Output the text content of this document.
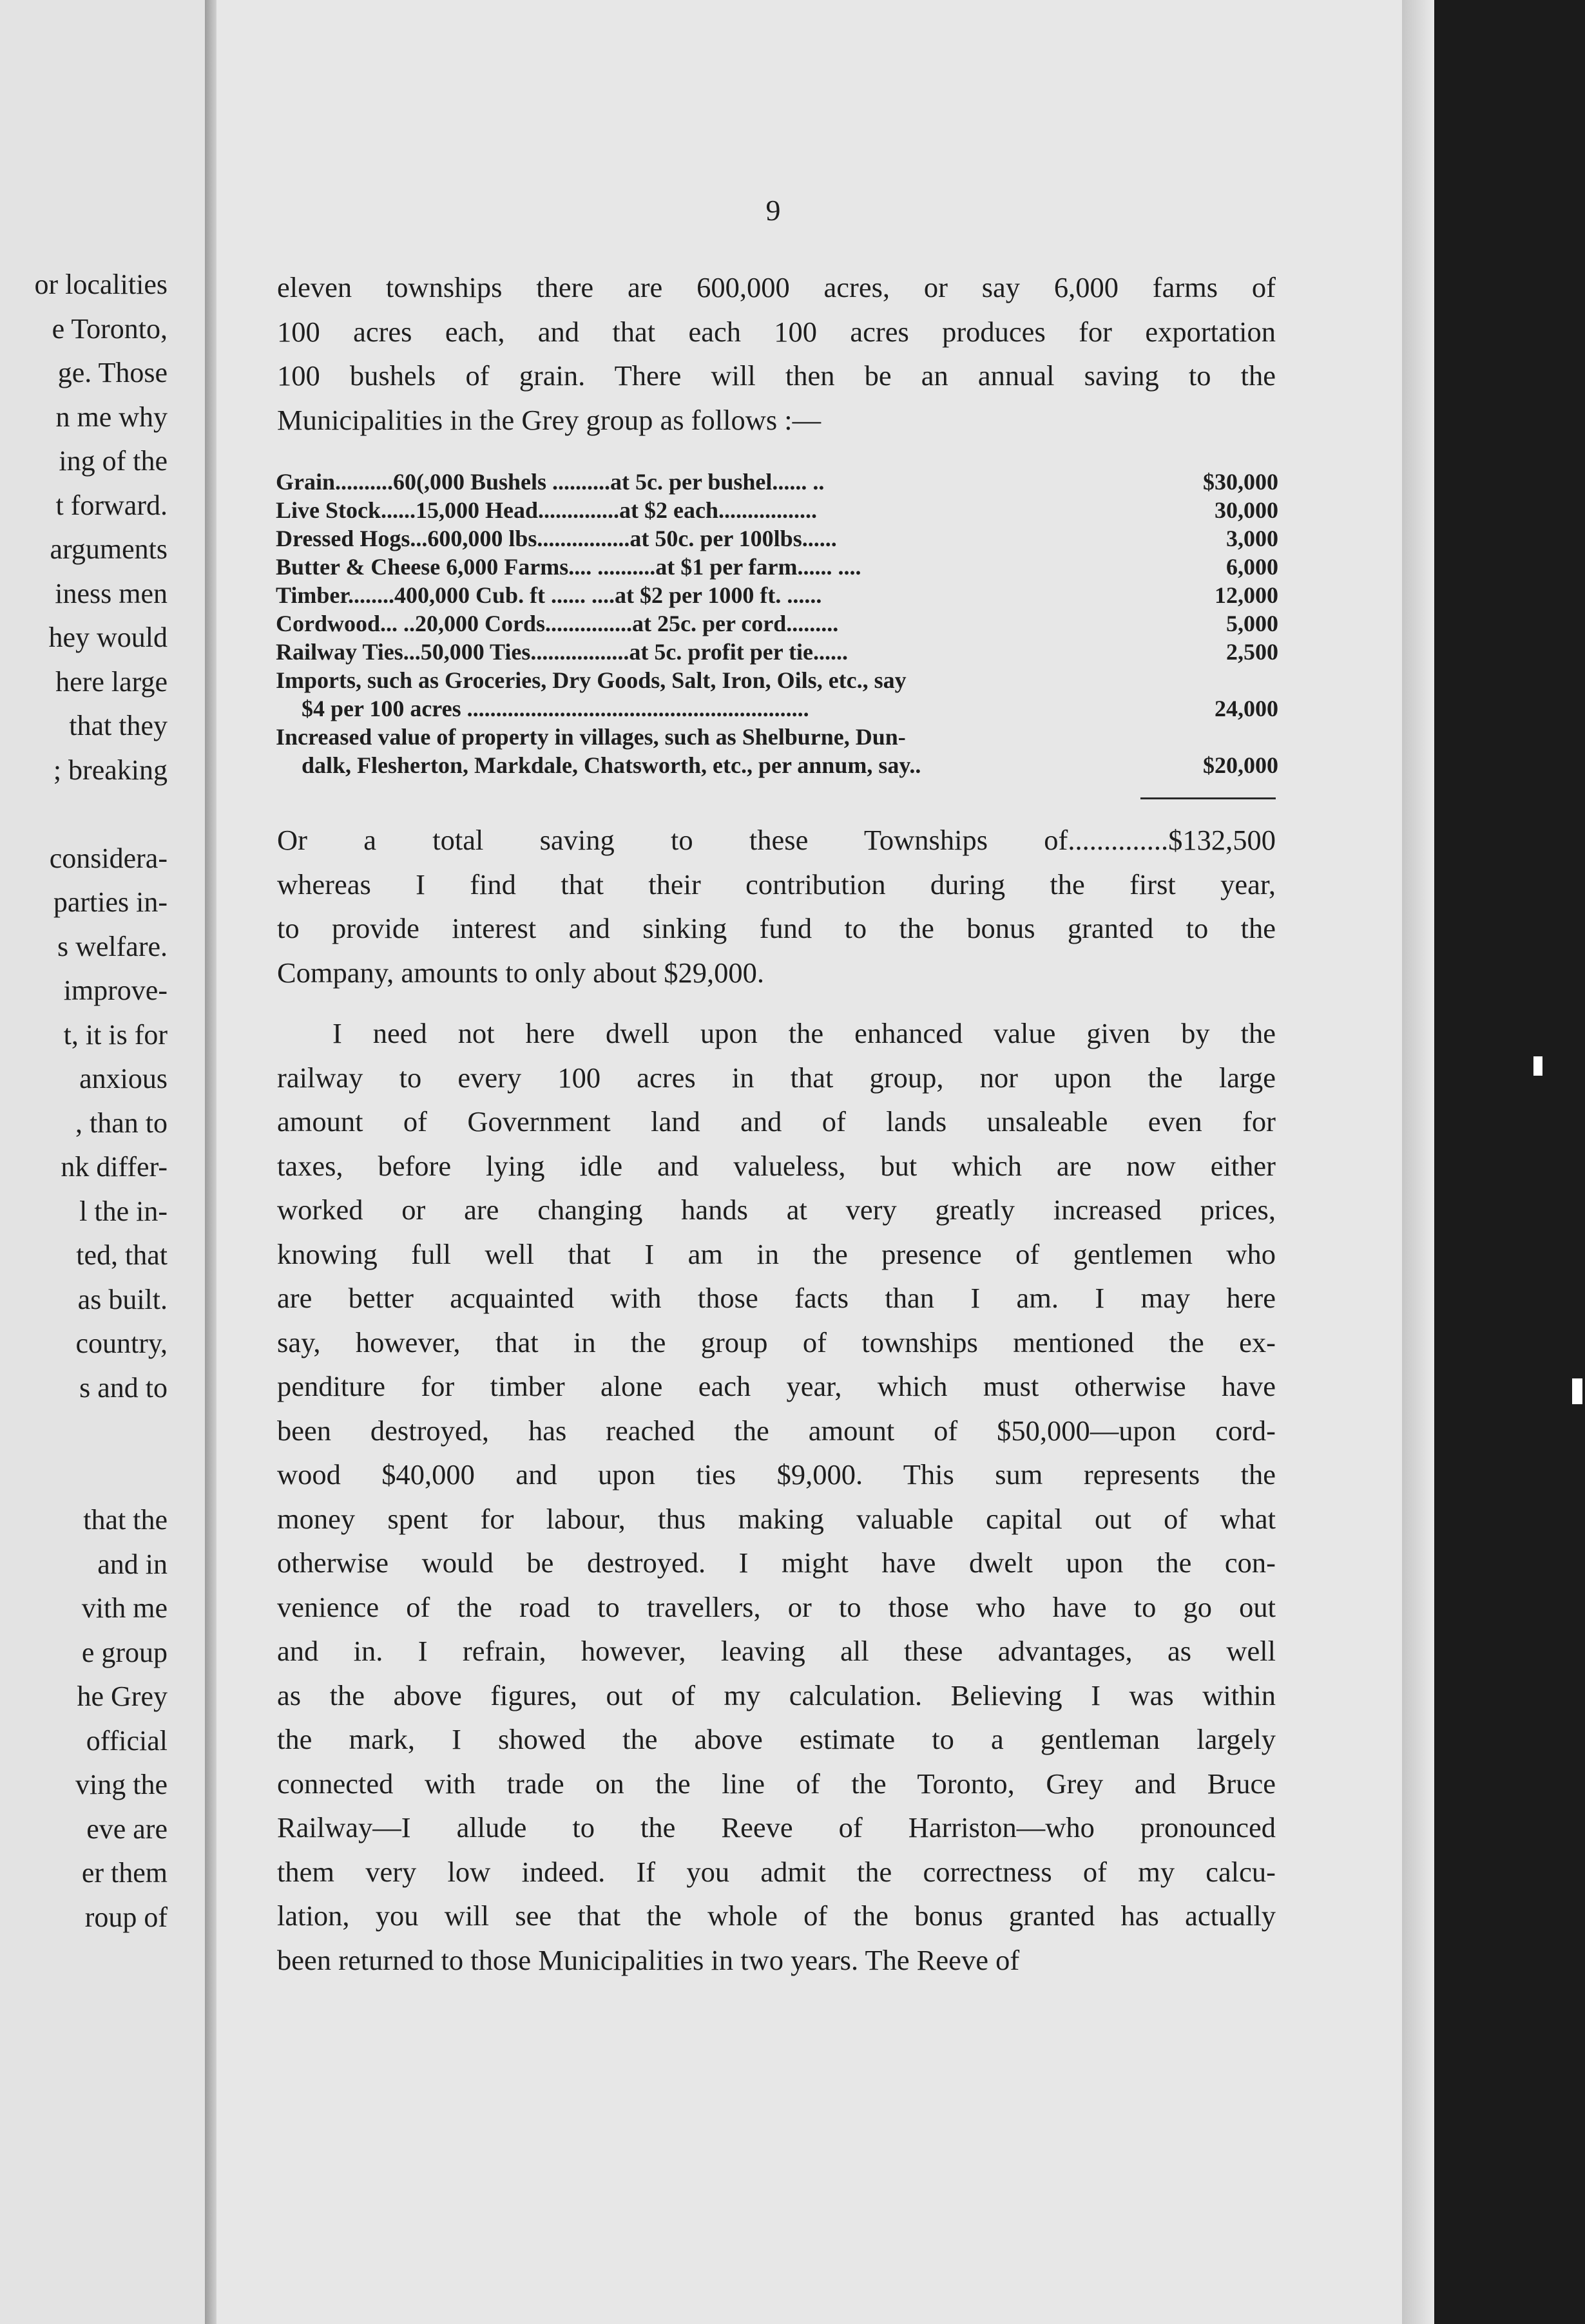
or localities
e Toronto,
ge. Those
n me why
ing of the
t forward.
arguments
iness men
hey would
here large
that they
; breaking
considera-
parties in-
s welfare.
improve-
t, it is for
anxious
, than to
nk differ-
l the in-
ted, that
as built.
country,
s and to
that the
and in
vith me
e group
he Grey
official
ving the
eve are
er them
roup of
9
eleven townships there are 600,000 acres, or say 6,000 farms of
100 acres each, and that each 100 acres produces for exportation
100 bushels of grain. There will then be an annual saving to the
Municipalities in the Grey group as follows :—
Grain..........60(,000 Bushels ..........at 5c. per bushel...... ..	$30,000
Live Stock......15,000 Head..............at $2 each.................	30,000
Dressed Hogs...600,000 lbs................at 50c. per 100lbs......	3,000
Butter & Cheese 6,000 Farms.... ..........at $1 per farm...... ....	6,000
Timber........400,000 Cub. ft ...... ....at $2 per 1000 ft. ......	12,000
Cordwood... ..20,000 Cords...............at 25c. per cord.........	5,000
Railway Ties...50,000 Ties.................at 5c. profit per tie......	2,500
Imports, such as Groceries, Dry Goods, Salt, Iron, Oils, etc., say
$4 per 100 acres ...........................................................	24,000
Increased value of property in villages, such as Shelburne, Dun-
dalk, Flesherton, Markdale, Chatsworth, etc., per annum, say..	$20,000
Or a total saving to these Townships of..............$132,500
whereas I find that their contribution during the first year,
to provide interest and sinking fund to the bonus granted to the
Company, amounts to only about $29,000.
I need not here dwell upon the enhanced value given by the
railway to every 100 acres in that group, nor upon the large
amount of Government land and of lands unsaleable even for
taxes, before lying idle and valueless, but which are now either
worked or are changing hands at very greatly increased prices,
knowing full well that I am in the presence of gentlemen who
are better acquainted with those facts than I am. I may here
say, however, that in the group of townships mentioned the ex-
penditure for timber alone each year, which must otherwise have
been destroyed, has reached the amount of $50,000—upon cord-
wood $40,000 and upon ties $9,000. This sum represents the
money spent for labour, thus making valuable capital out of what
otherwise would be destroyed. I might have dwelt upon the con-
venience of the road to travellers, or to those who have to go out
and in. I refrain, however, leaving all these advantages, as well
as the above figures, out of my calculation. Believing I was within
the mark, I showed the above estimate to a gentleman largely
connected with trade on the line of the Toronto, Grey and Bruce
Railway—I allude to the Reeve of Harriston—who pronounced
them very low indeed. If you admit the correctness of my calcu-
lation, you will see that the whole of the bonus granted has actually
been returned to those Municipalities in two years. The Reeve of
